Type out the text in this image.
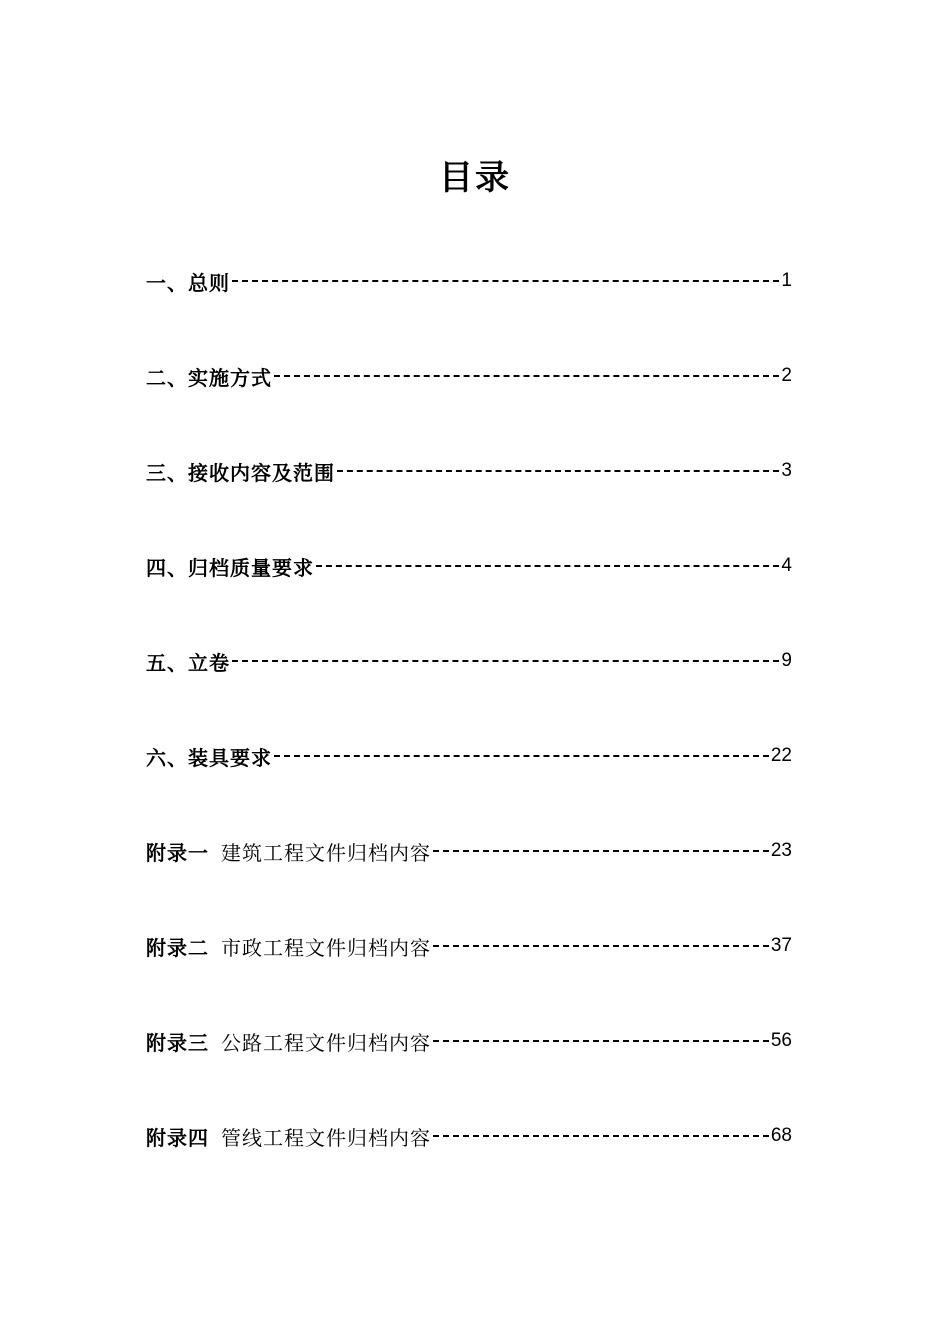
目录
一、总则	1
二、实施方式	2
三、接收内容及范围	3
四、归档质量要求	4
五、立卷	9
六、装具要求	22
附录一 建筑工程文件归档内容	23
附录二 市政工程文件归档内容	37
附录三 公路工程文件归档内容	56
附录四 管线工程文件归档内容	68
